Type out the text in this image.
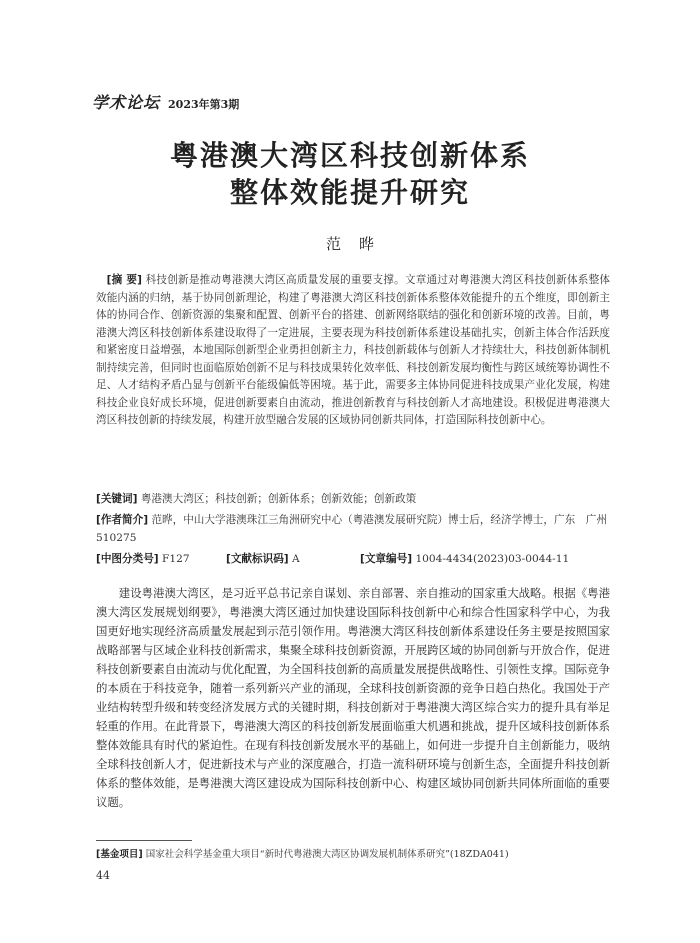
学术论坛 2023年第3期
粤港澳大湾区科技创新体系
整体效能提升研究
范晔
[摘 要] 科技创新是推动粤港澳大湾区高质量发展的重要支撑。文章通过对粤港澳大湾区科技创新体系整体效能内涵的归纳，基于协同创新理论，构建了粤港澳大湾区科技创新体系整体效能提升的五个维度，即创新主体的协同合作、创新资源的集聚和配置、创新平台的搭建、创新网络联结的强化和创新环境的改善。目前，粤港澳大湾区科技创新体系建设取得了一定进展，主要表现为科技创新体系建设基础扎实，创新主体合作活跃度和紧密度日益增强，本地国际创新型企业勇担创新主力，科技创新载体与创新人才持续壮大，科技创新体制机制持续完善，但同时也面临原始创新不足与科技成果转化效率低、科技创新发展均衡性与跨区域统筹协调性不足、人才结构矛盾凸显与创新平台能级偏低等困境。基于此，需要多主体协同促进科技成果产业化发展，构建科技企业良好成长环境，促进创新要素自由流动，推进创新教育与科技创新人才高地建设。积极促进粤港澳大湾区科技创新的持续发展，构建开放型融合发展的区域协同创新共同体，打造国际科技创新中心。
[关键词] 粤港澳大湾区；科技创新；创新体系；创新效能；创新政策
[作者简介] 范晔，中山大学港澳珠江三角洲研究中心（粤港澳发展研究院）博士后，经济学博士，广东　广州　510275
[中图分类号] F127	[文献标识码] A	[文章编号] 1004-4434(2023)03-0044-11

建设粤港澳大湾区，是习近平总书记亲自谋划、亲自部署、亲自推动的国家重大战略。根据《粤港澳大湾区发展规划纲要》，粤港澳大湾区通过加快建设国际科技创新中心和综合性国家科学中心，为我国更好地实现经济高质量发展起到示范引领作用。粤港澳大湾区科技创新体系建设任务主要是按照国家战略部署与区域企业科技创新需求，集聚全球科技创新资源，开展跨区域的协同创新与开放合作，促进科技创新要素自由流动与优化配置，为全国科技创新的高质量发展提供战略性、引领性支撑。国际竞争的本质在于科技竞争，随着一系列新兴产业的涌现，全球科技创新资源的竞争日趋白热化。我国处于产业结构转型升级和转变经济发展方式的关键时期，科技创新对于粤港澳大湾区综合实力的提升具有举足轻重的作用。在此背景下，粤港澳大湾区的科技创新发展面临重大机遇和挑战，提升区域科技创新体系整体效能具有时代的紧迫性。在现有科技创新发展水平的基础上，如何进一步提升自主创新能力，吸纳全球科技创新人才，促进新技术与产业的深度融合，打造一流科研环境与创新生态，全面提升科技创新体系的整体效能，是粤港澳大湾区建设成为国际科技创新中心、构建区域协同创新共同体所面临的重要议题。

[基金项目] 国家社会科学基金重大项目“新时代粤港澳大湾区协调发展机制体系研究”(18ZDA041)
44
